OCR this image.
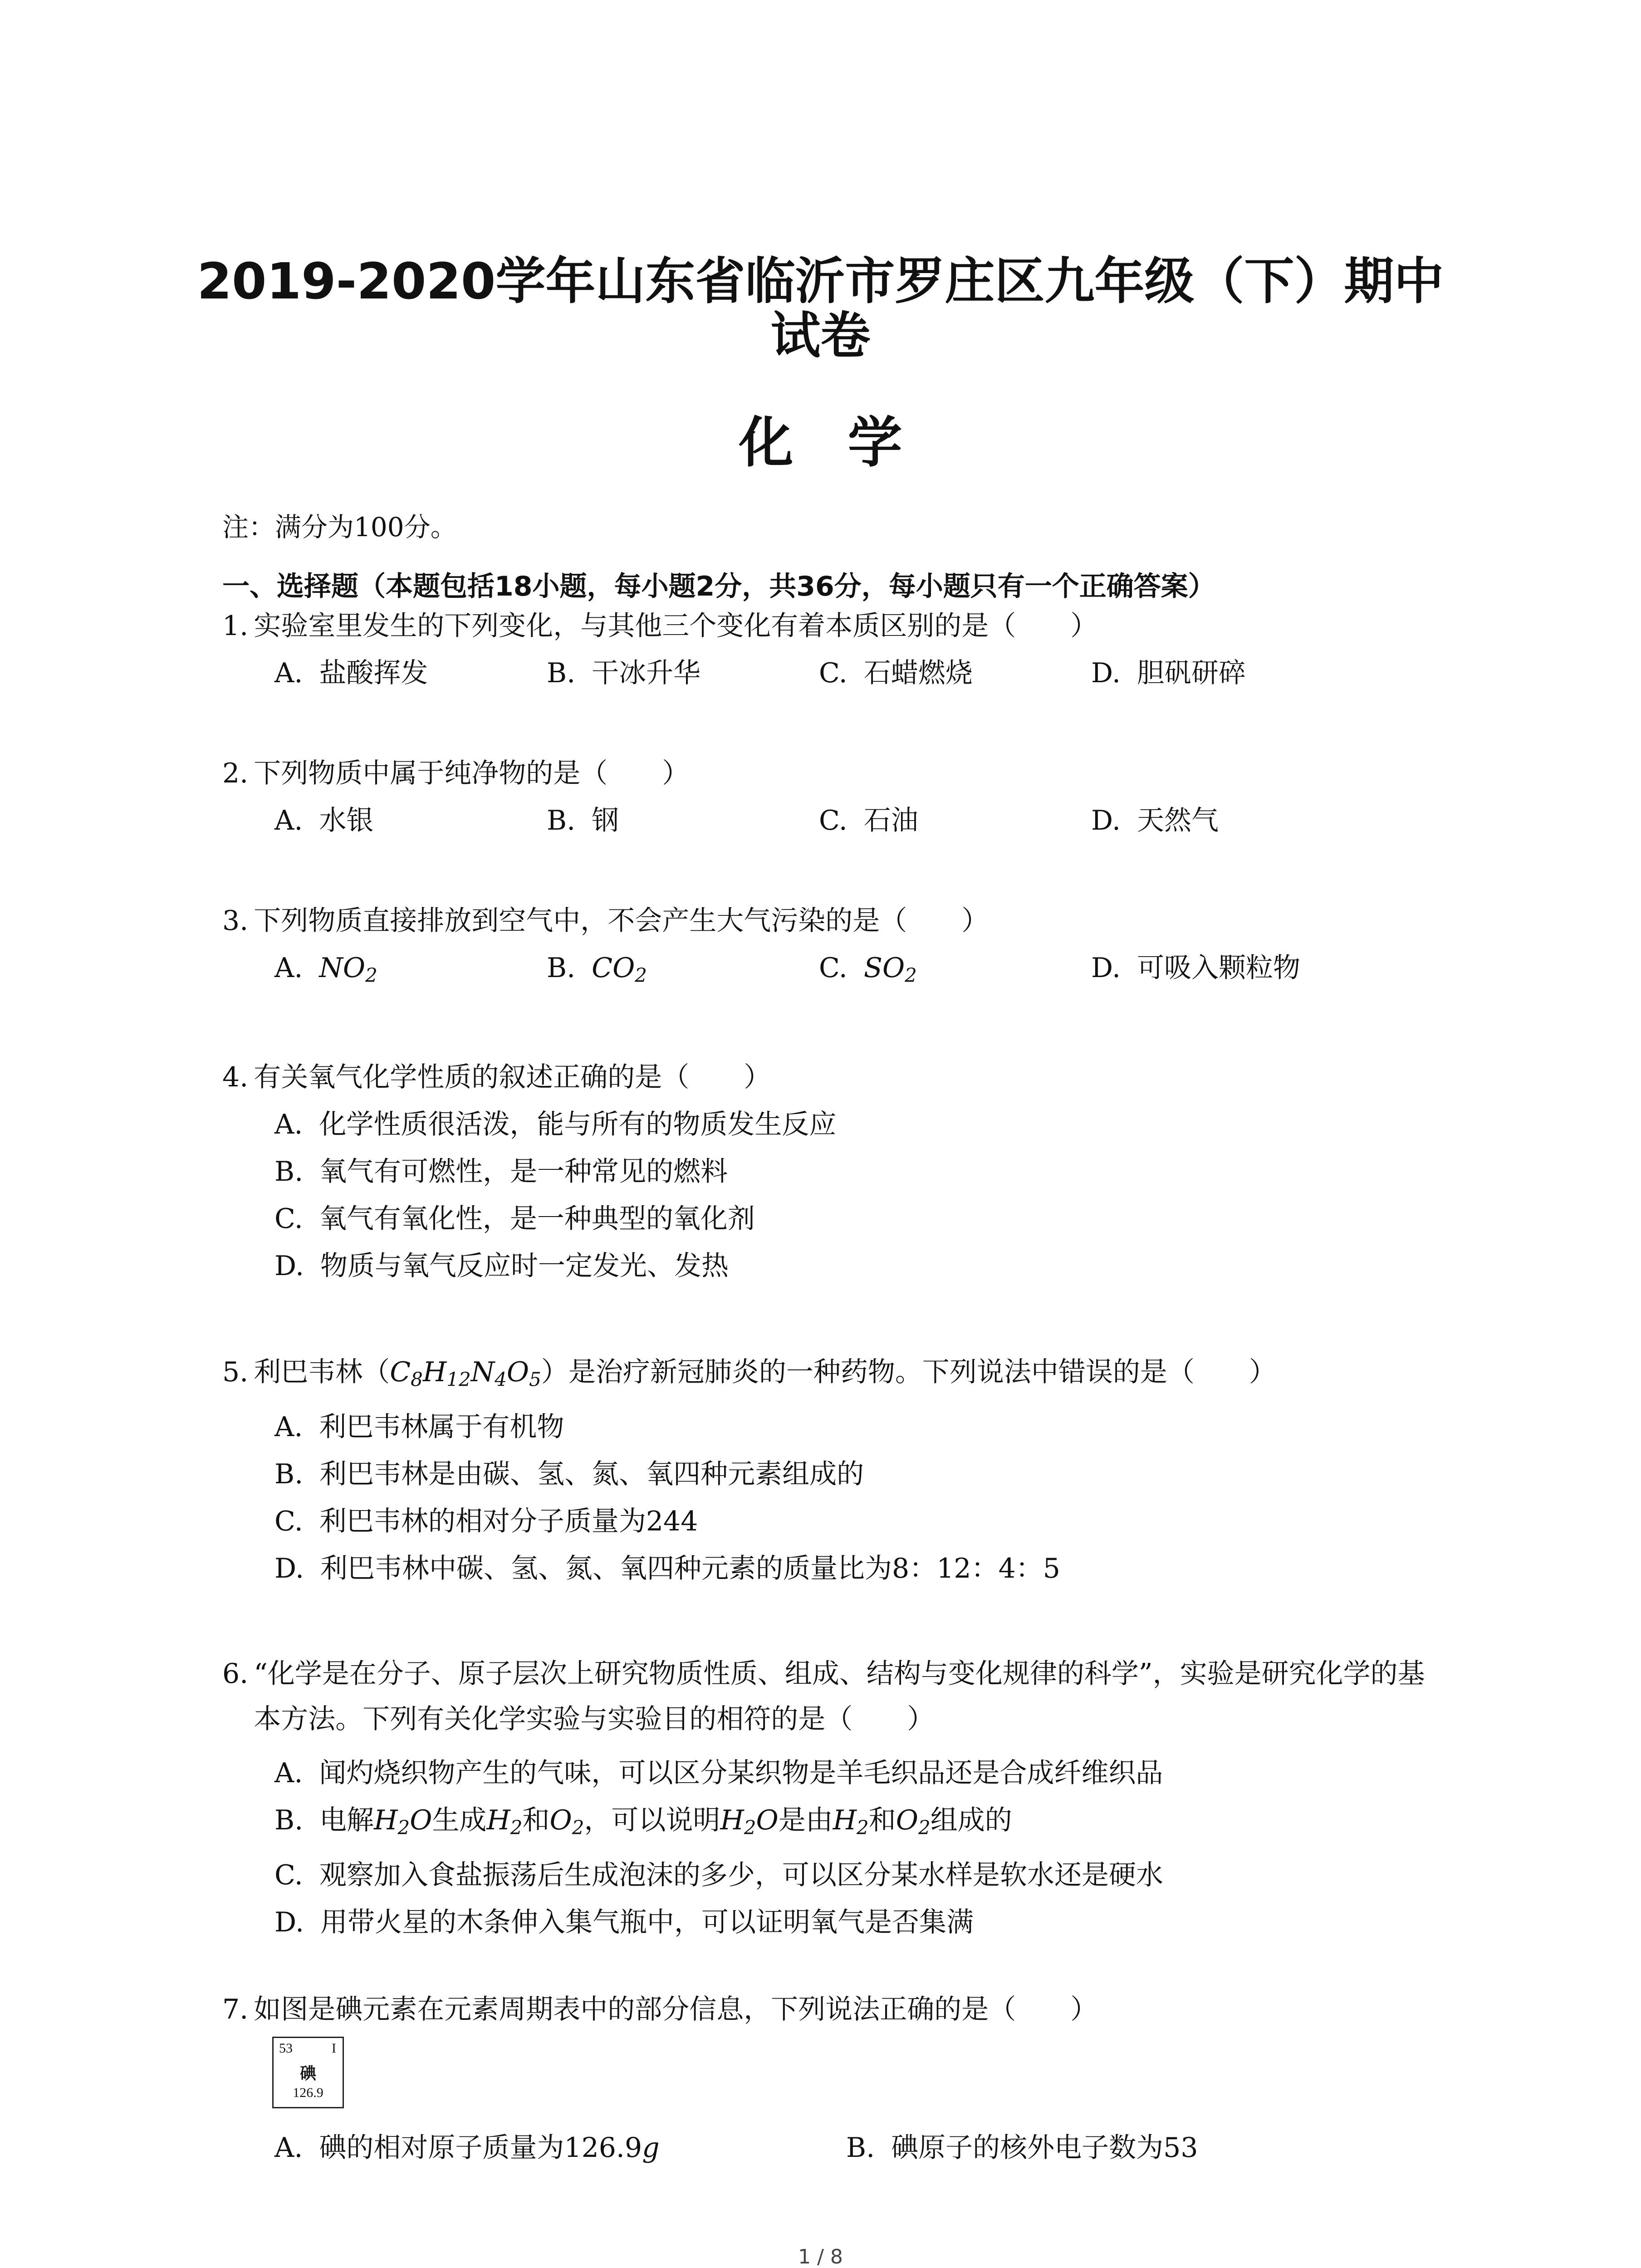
2019-2020学年山东省临沂市罗庄区九年级（下）期中
试卷
化学
注：满分为100分。
一、选择题（本题包括18小题，每小题2分，共36分，每小题只有一个正确答案）
1. 实验室里发生的下列变化，与其他三个变化有着本质区别的是（　　）
A. 盐酸挥发	B. 干冰升华	C. 石蜡燃烧	D. 胆矾研碎
2. 下列物质中属于纯净物的是（　　）
A. 水银	B. 钢	C. 石油	D. 天然气
3. 下列物质直接排放到空气中，不会产生大气污染的是（　　）
A. $NO_2$	B. $CO_2$	C. $SO_2$	D. 可吸入颗粒物
4. 有关氧气化学性质的叙述正确的是（　　）
A. 化学性质很活泼，能与所有的物质发生反应
B. 氧气有可燃性，是一种常见的燃料
C. 氧气有氧化性，是一种典型的氧化剂
D. 物质与氧气反应时一定发光、发热
5. 利巴韦林$(C_8H_{12}N_4O_5)$是治疗新冠肺炎的一种药物。下列说法中错误的是（　　）
A. 利巴韦林属于有机物
B. 利巴韦林是由碳、氢、氮、氧四种元素组成的
C. 利巴韦林的相对分子质量为244
D. 利巴韦林中碳、氢、氮、氧四种元素的质量比为8：12：4：5
6. “化学是在分子、原子层次上研究物质性质、组成、结构与变化规律的科学”，实验是研究化学的基本方法。下列有关化学实验与实验目的相符的是（　　）
A. 闻灼烧织物产生的气味，可以区分某织物是羊毛织品还是合成纤维织品
B. 电解$H_2O$生成$H_2$和$O_2$，可以说明$H_2O$是由$H_2$和$O_2$组成的
C. 观察加入食盐振荡后生成泡沫的多少，可以区分某水样是软水还是硬水
D. 用带火星的木条伸入集气瓶中，可以证明氧气是否集满
7. 如图是碘元素在元素周期表中的部分信息，下列说法正确的是（　　）
53	I
碘
126.9
A. 碘的相对原子质量为126.9g	B. 碘原子的核外电子数为53
1 / 8
